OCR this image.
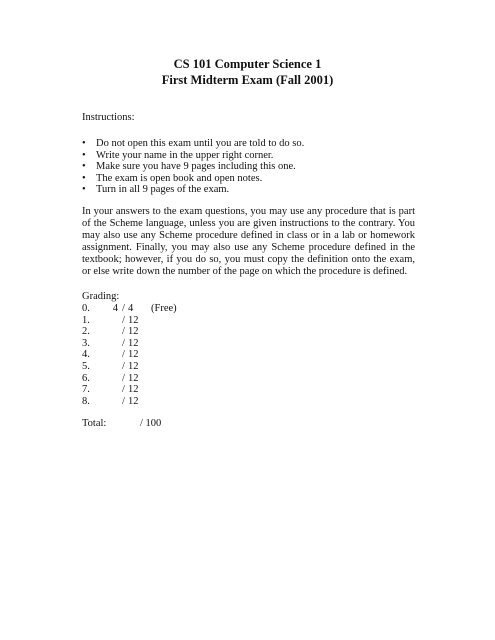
CS 101 Computer Science 1
First Midterm Exam (Fall 2001)
Instructions:
• Do not open this exam until you are told to do so.
• Write your name in the upper right corner.
• Make sure you have 9 pages including this one.
• The exam is open book and open notes.
• Turn in all 9 pages of the exam.

In your answers to the exam questions, you may use any procedure that is part of the Scheme language, unless you are given instructions to the contrary. You may also use any Scheme procedure defined in class or in a lab or homework assignment. Finally, you may also use any Scheme procedure defined in the textbook; however, if you do so, you must copy the definition onto the exam, or else write down the number of the page on which the procedure is defined.

Grading:
0.	4 / 4 (Free)
1.	/ 12
2.	/ 12
3.	/ 12
4.	/ 12
5.	/ 12
6.	/ 12
7.	/ 12
8.	/ 12
Total:	/ 100
